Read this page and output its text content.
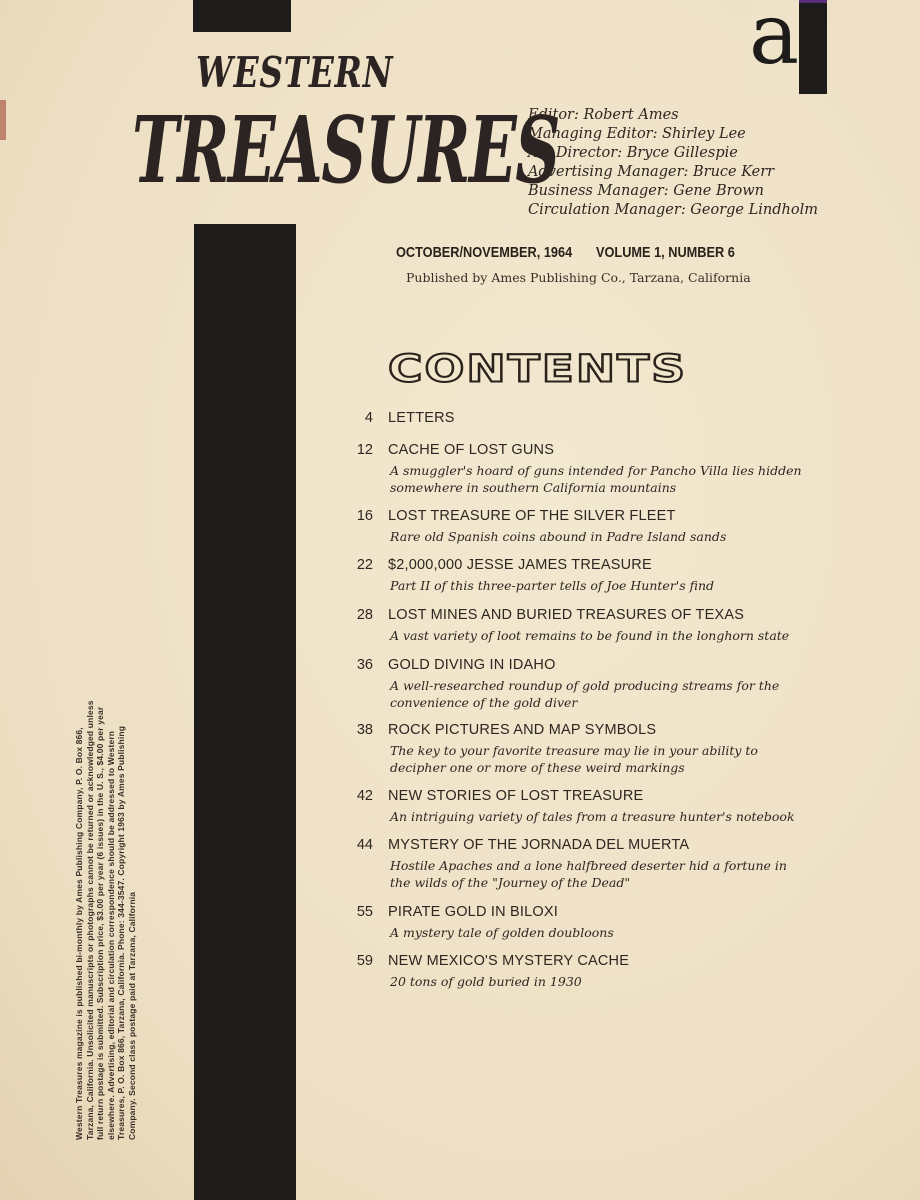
a
WESTERN
TREASURES
Editor: Robert Ames
Managing Editor: Shirley Lee
Art Director: Bryce Gillespie
Advertising Manager: Bruce Kerr
Business Manager: Gene Brown
Circulation Manager: George Lindholm
OCTOBER/NOVEMBER, 1964 VOLUME 1, NUMBER 6
Published by Ames Publishing Co., Tarzana, California
CONTENTS
4 LETTERS
12 CACHE OF LOST GUNS
A smuggler's hoard of guns intended for Pancho Villa lies hidden somewhere in southern California mountains
16 LOST TREASURE OF THE SILVER FLEET
Rare old Spanish coins abound in Padre Island sands
22 $2,000,000 JESSE JAMES TREASURE
Part II of this three-parter tells of Joe Hunter's find
28 LOST MINES AND BURIED TREASURES OF TEXAS
A vast variety of loot remains to be found in the longhorn state
36 GOLD DIVING IN IDAHO
A well-researched roundup of gold producing streams for the convenience of the gold diver
38 ROCK PICTURES AND MAP SYMBOLS
The key to your favorite treasure may lie in your ability to decipher one or more of these weird markings
42 NEW STORIES OF LOST TREASURE
An intriguing variety of tales from a treasure hunter's notebook
44 MYSTERY OF THE JORNADA DEL MUERTA
Hostile Apaches and a lone halfbreed deserter hid a fortune in the wilds of the "Journey of the Dead"
55 PIRATE GOLD IN BILOXI
A mystery tale of golden doubloons
59 NEW MEXICO'S MYSTERY CACHE
20 tons of gold buried in 1930
Western Treasures magazine is published bi-monthly by Ames Publishing Company, P. O. Box 866, Tarzana, California. Unsolicited manuscripts or photographs cannot be returned or acknowledged unless full return postage is submitted. Subscription price, $3.00 per year (6 issues) in the U. S., $4.00 per year elsewhere. Advertising, editorial and circulation correspondence should be addressed to Western Treasures, P. O. Box 866, Tarzana, California. Phone: 344-3547. Copyright 1963 by Ames Publishing Company. Second class postage paid at Tarzana, California
